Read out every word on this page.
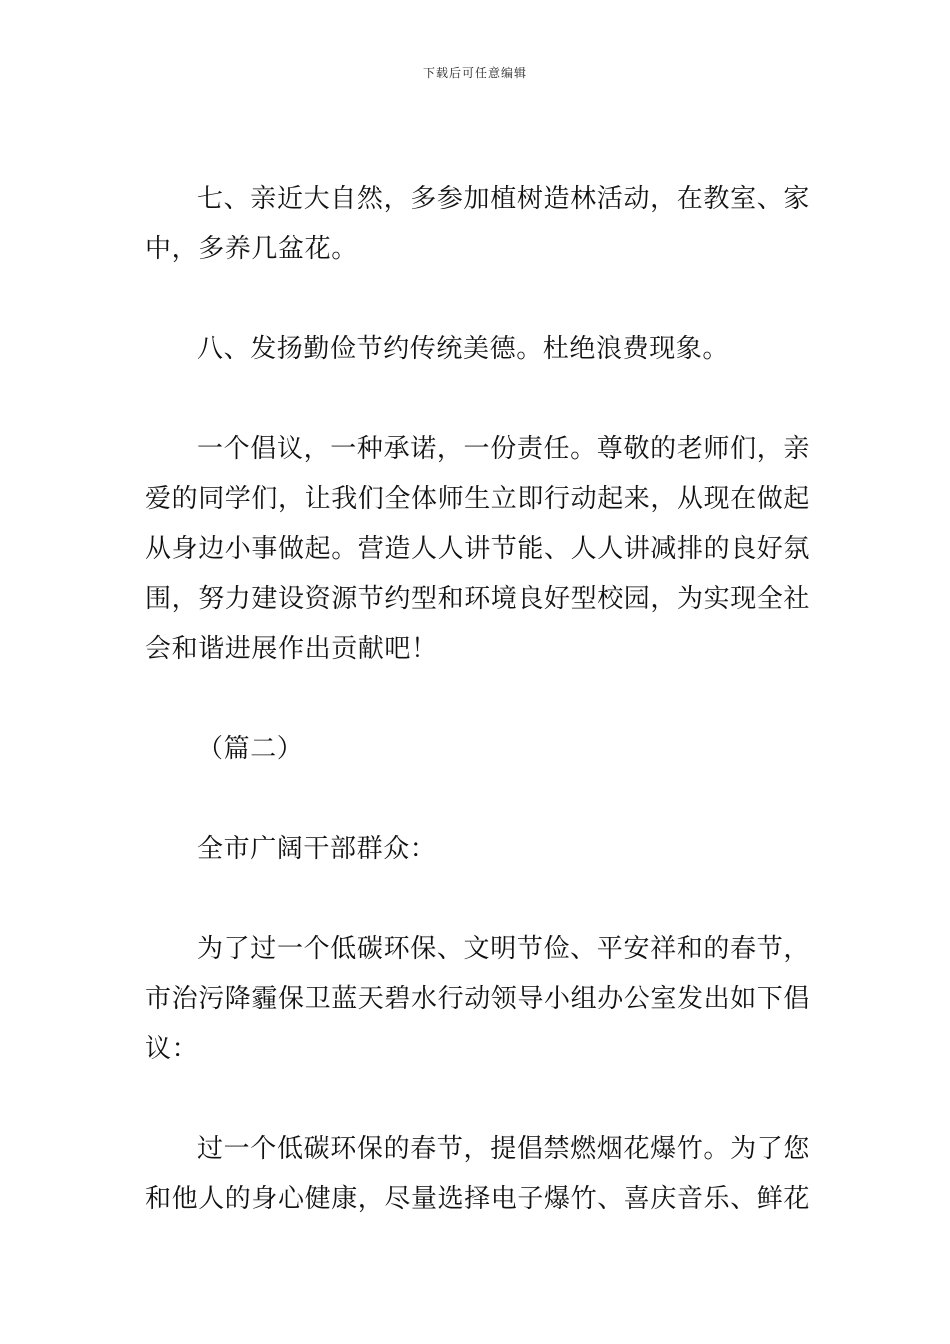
下载后可任意编辑

七、亲近大自然，多参加植树造林活动，在教室、家中，多养几盆花。

八、发扬勤俭节约传统美德。杜绝浪费现象。

一个倡议，一种承诺，一份责任。尊敬的老师们，亲爱的同学们，让我们全体师生立即行动起来，从现在做起从身边小事做起。营造人人讲节能、人人讲减排的良好氛围，努力建设资源节约型和环境良好型校园，为实现全社会和谐进展作出贡献吧！

（篇二）

全市广阔干部群众：

为了过一个低碳环保、文明节俭、平安祥和的春节，市治污降霾保卫蓝天碧水行动领导小组办公室发出如下倡议：

过一个低碳环保的春节，提倡禁燃烟花爆竹。为了您和他人的身心健康，尽量选择电子爆竹、喜庆音乐、鲜花
